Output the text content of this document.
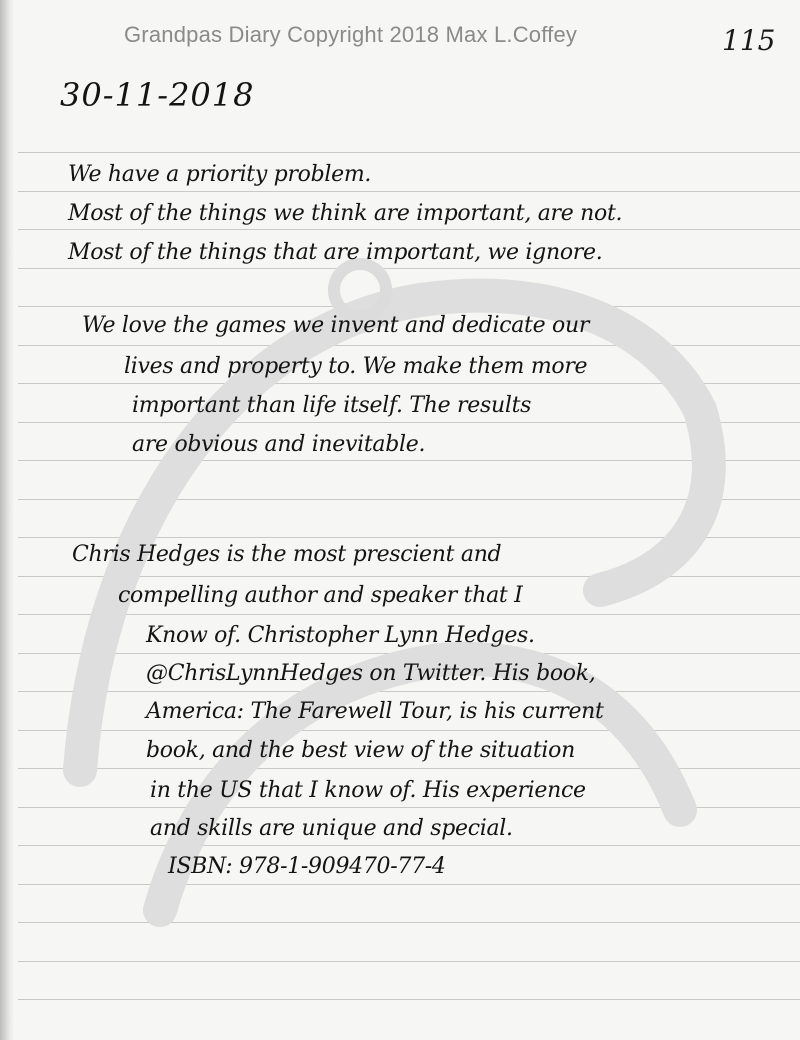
Grandpas Diary Copyright 2018 Max L.Coffey	115
30-11-2018
We have a priority problem.
Most of the things we think are important, are not.
Most of the things that are important, we ignore.
We love the games we invent and dedicate our
lives and property to. We make them more
important than life itself. The results
are obvious and inevitable.
Chris Hedges is the most prescient and
compelling author and speaker that I
Know of. Christopher Lynn Hedges.
@ChrisLynnHedges on Twitter. His book,
America: The Farewell Tour, is his current
book, and the best view of the situation
in the US that I know of. His experience
and skills are unique and special.
ISBN: 978-1-909470-77-4
